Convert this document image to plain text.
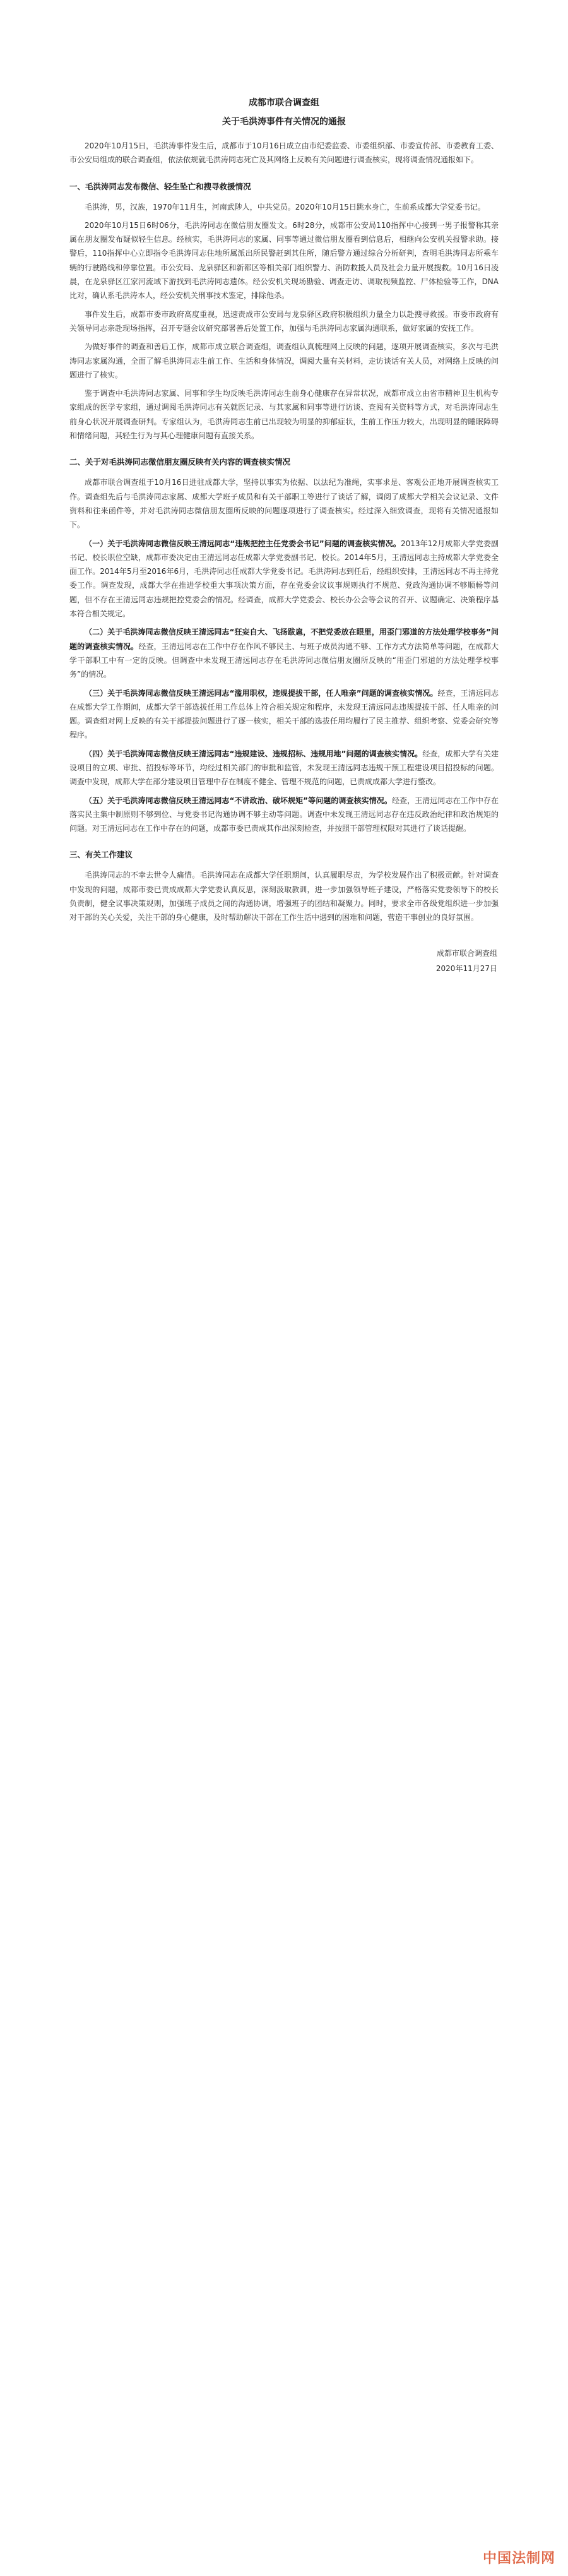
成都市联合调查组
关于毛洪涛事件有关情况的通报

2020年10月15日，毛洪涛事件发生后，成都市于10月16日成立由市纪委监委、市委组织部、市委宣传部、市委教育工委、市公安局组成的联合调查组，依法依规就毛洪涛同志死亡及其网络上反映有关问题进行调查核实，现将调查情况通报如下。

一、毛洪涛同志发布微信、轻生坠亡和搜寻救援情况

毛洪涛，男，汉族，1970年11月生，河南武陟人，中共党员。2020年10月15日跳水身亡，生前系成都大学党委书记。

2020年10月15日6时06分，毛洪涛同志在微信朋友圈发文。6时28分，成都市公安局110指挥中心接到一男子报警称其亲属在朋友圈发布疑似轻生信息。经核实，毛洪涛同志的家属、同事等通过微信朋友圈看到信息后，相继向公安机关报警求助。接警后，110指挥中心立即指令毛洪涛同志住地所属派出所民警赶到其住所，随后警方通过综合分析研判，查明毛洪涛同志所乘车辆的行驶路线和停靠位置。市公安局、龙泉驿区和新都区等相关部门组织警力、消防救援人员及社会力量开展搜救。10月16日凌晨，在龙泉驿区江家河流域下游找到毛洪涛同志遗体。经公安机关现场勘验、调查走访、调取视频监控、尸体检验等工作，DNA比对，确认系毛洪涛本人，经公安机关刑事技术鉴定，排除他杀。

事件发生后，成都市委市政府高度重视，迅速责成市公安局与龙泉驿区政府积极组织力量全力以赴搜寻救援。市委市政府有关领导同志亲赴现场指挥，召开专题会议研究部署善后处置工作，加强与毛洪涛同志家属沟通联系，做好家属的安抚工作。

为做好事件的调查和善后工作，成都市成立联合调查组，调查组认真梳理网上反映的问题，逐项开展调查核实，多次与毛洪涛同志家属沟通，全面了解毛洪涛同志生前工作、生活和身体情况，调阅大量有关材料，走访谈话有关人员，对网络上反映的问题进行了核实。

鉴于调查中毛洪涛同志家属、同事和学生均反映毛洪涛同志生前身心健康存在异常状况，成都市成立由省市精神卫生机构专家组成的医学专家组，通过调阅毛洪涛同志有关就医记录、与其家属和同事等进行访谈、查阅有关资料等方式，对毛洪涛同志生前身心状况开展调查研判。专家组认为，毛洪涛同志生前已出现较为明显的抑郁症状，生前工作压力较大，出现明显的睡眠障碍和情绪问题，其轻生行为与其心理健康问题有直接关系。

二、关于对毛洪涛同志微信朋友圈反映有关内容的调查核实情况

成都市联合调查组于10月16日进驻成都大学，坚持以事实为依据、以法纪为准绳，实事求是、客观公正地开展调查核实工作。调查组先后与毛洪涛同志家属、成都大学班子成员和有关干部职工等进行了谈话了解，调阅了成都大学相关会议记录、文件资料和往来函件等，并对毛洪涛同志微信朋友圈所反映的问题逐项进行了调查核实。经过深入细致调查，现将有关情况通报如下。

（一）关于毛洪涛同志微信反映王清远同志“违规把控主任党委会书记”问题的调查核实情况。2013年12月成都大学党委副书记、校长职位空缺，成都市委决定由王清远同志任成都大学党委副书记、校长。2014年5月，王清远同志主持成都大学党委全面工作。2014年5月至2016年6月，毛洪涛同志任成都大学党委书记。毛洪涛同志到任后，经组织安排，王清远同志不再主持党委工作。调查发现，成都大学在推进学校重大事项决策方面，存在党委会议议事规则执行不规范、党政沟通协调不够顺畅等问题，但不存在王清远同志违规把控党委会的情况。经调查，成都大学党委会、校长办公会等会议的召开、议题确定、决策程序基本符合相关规定。

（二）关于毛洪涛同志微信反映王清远同志“狂妄自大、飞扬跋扈，不把党委放在眼里，用歪门邪道的方法处理学校事务”问题的调查核实情况。经查，王清远同志在工作中存在作风不够民主、与班子成员沟通不够、工作方式方法简单等问题，在成都大学干部职工中有一定的反映。但调查中未发现王清远同志存在毛洪涛同志微信朋友圈所反映的“用歪门邪道的方法处理学校事务”的情况。

（三）关于毛洪涛同志微信反映王清远同志“滥用职权，违规提拔干部，任人唯亲”问题的调查核实情况。经查，王清远同志在成都大学工作期间，成都大学干部选拔任用工作总体上符合相关规定和程序，未发现王清远同志违规提拔干部、任人唯亲的问题。调查组对网上反映的有关干部提拔问题进行了逐一核实，相关干部的选拔任用均履行了民主推荐、组织考察、党委会研究等程序。

（四）关于毛洪涛同志微信反映王清远同志“违规建设、违规招标、违规用地”问题的调查核实情况。经查，成都大学有关建设项目的立项、审批、招投标等环节，均经过相关部门的审批和监管，未发现王清远同志违规干预工程建设项目招投标的问题。调查中发现，成都大学在部分建设项目管理中存在制度不健全、管理不规范的问题，已责成成都大学进行整改。

（五）关于毛洪涛同志微信反映王清远同志“不讲政治、破坏规矩”等问题的调查核实情况。经查，王清远同志在工作中存在落实民主集中制原则不够到位、与党委书记沟通协调不够主动等问题。调查中未发现王清远同志存在违反政治纪律和政治规矩的问题。对王清远同志在工作中存在的问题，成都市委已责成其作出深刻检查，并按照干部管理权限对其进行了谈话提醒。

三、有关工作建议

毛洪涛同志的不幸去世令人痛惜。毛洪涛同志在成都大学任职期间，认真履职尽责，为学校发展作出了积极贡献。针对调查中发现的问题，成都市委已责成成都大学党委认真反思，深刻汲取教训，进一步加强领导班子建设，严格落实党委领导下的校长负责制，健全议事决策规则，加强班子成员之间的沟通协调，增强班子的团结和凝聚力。同时，要求全市各级党组织进一步加强对干部的关心关爱，关注干部的身心健康，及时帮助解决干部在工作生活中遇到的困难和问题，营造干事创业的良好氛围。

成都市联合调查组
2020年11月27日
中国法制网
